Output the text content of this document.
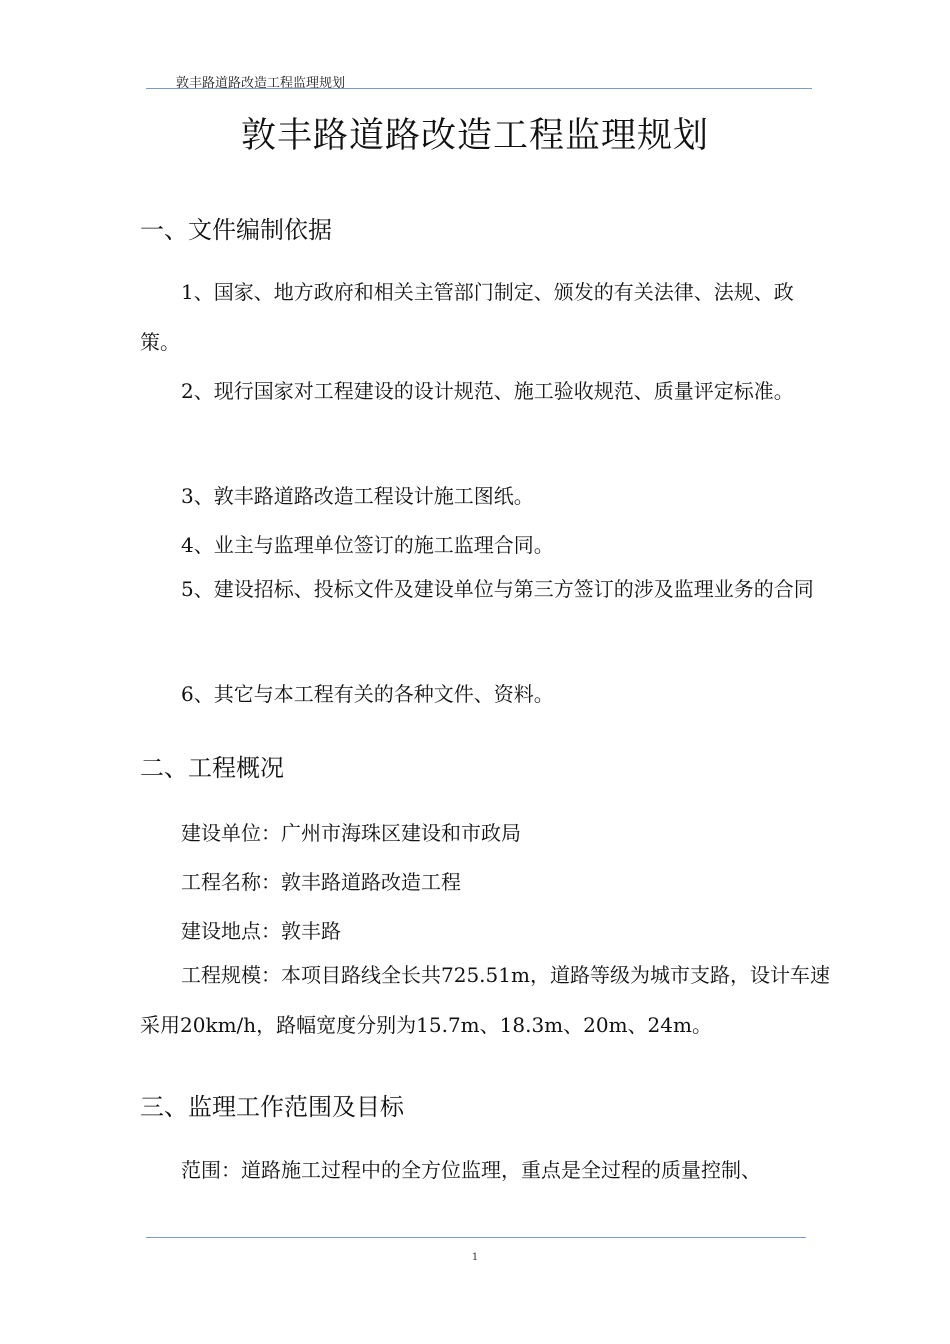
敦丰路道路改造工程监理规划
敦丰路道路改造工程监理规划
一、文件编制依据
1、国家、地方政府和相关主管部门制定、颁发的有关法律、法规、政策。
2、现行国家对工程建设的设计规范、施工验收规范、质量评定标准。
3、敦丰路道路改造工程设计施工图纸。
4、业主与监理单位签订的施工监理合同。
5、建设招标、投标文件及建设单位与第三方签订的涉及监理业务的合同
6、其它与本工程有关的各种文件、资料。
二、工程概况
建设单位：广州市海珠区建设和市政局
工程名称：敦丰路道路改造工程
建设地点：敦丰路
工程规模：本项目路线全长共725.51m，道路等级为城市支路，设计车速采用20km/h，路幅宽度分别为15.7m、18.3m、20m、24m。
三、监理工作范围及目标
范围：道路施工过程中的全方位监理，重点是全过程的质量控制、
1
